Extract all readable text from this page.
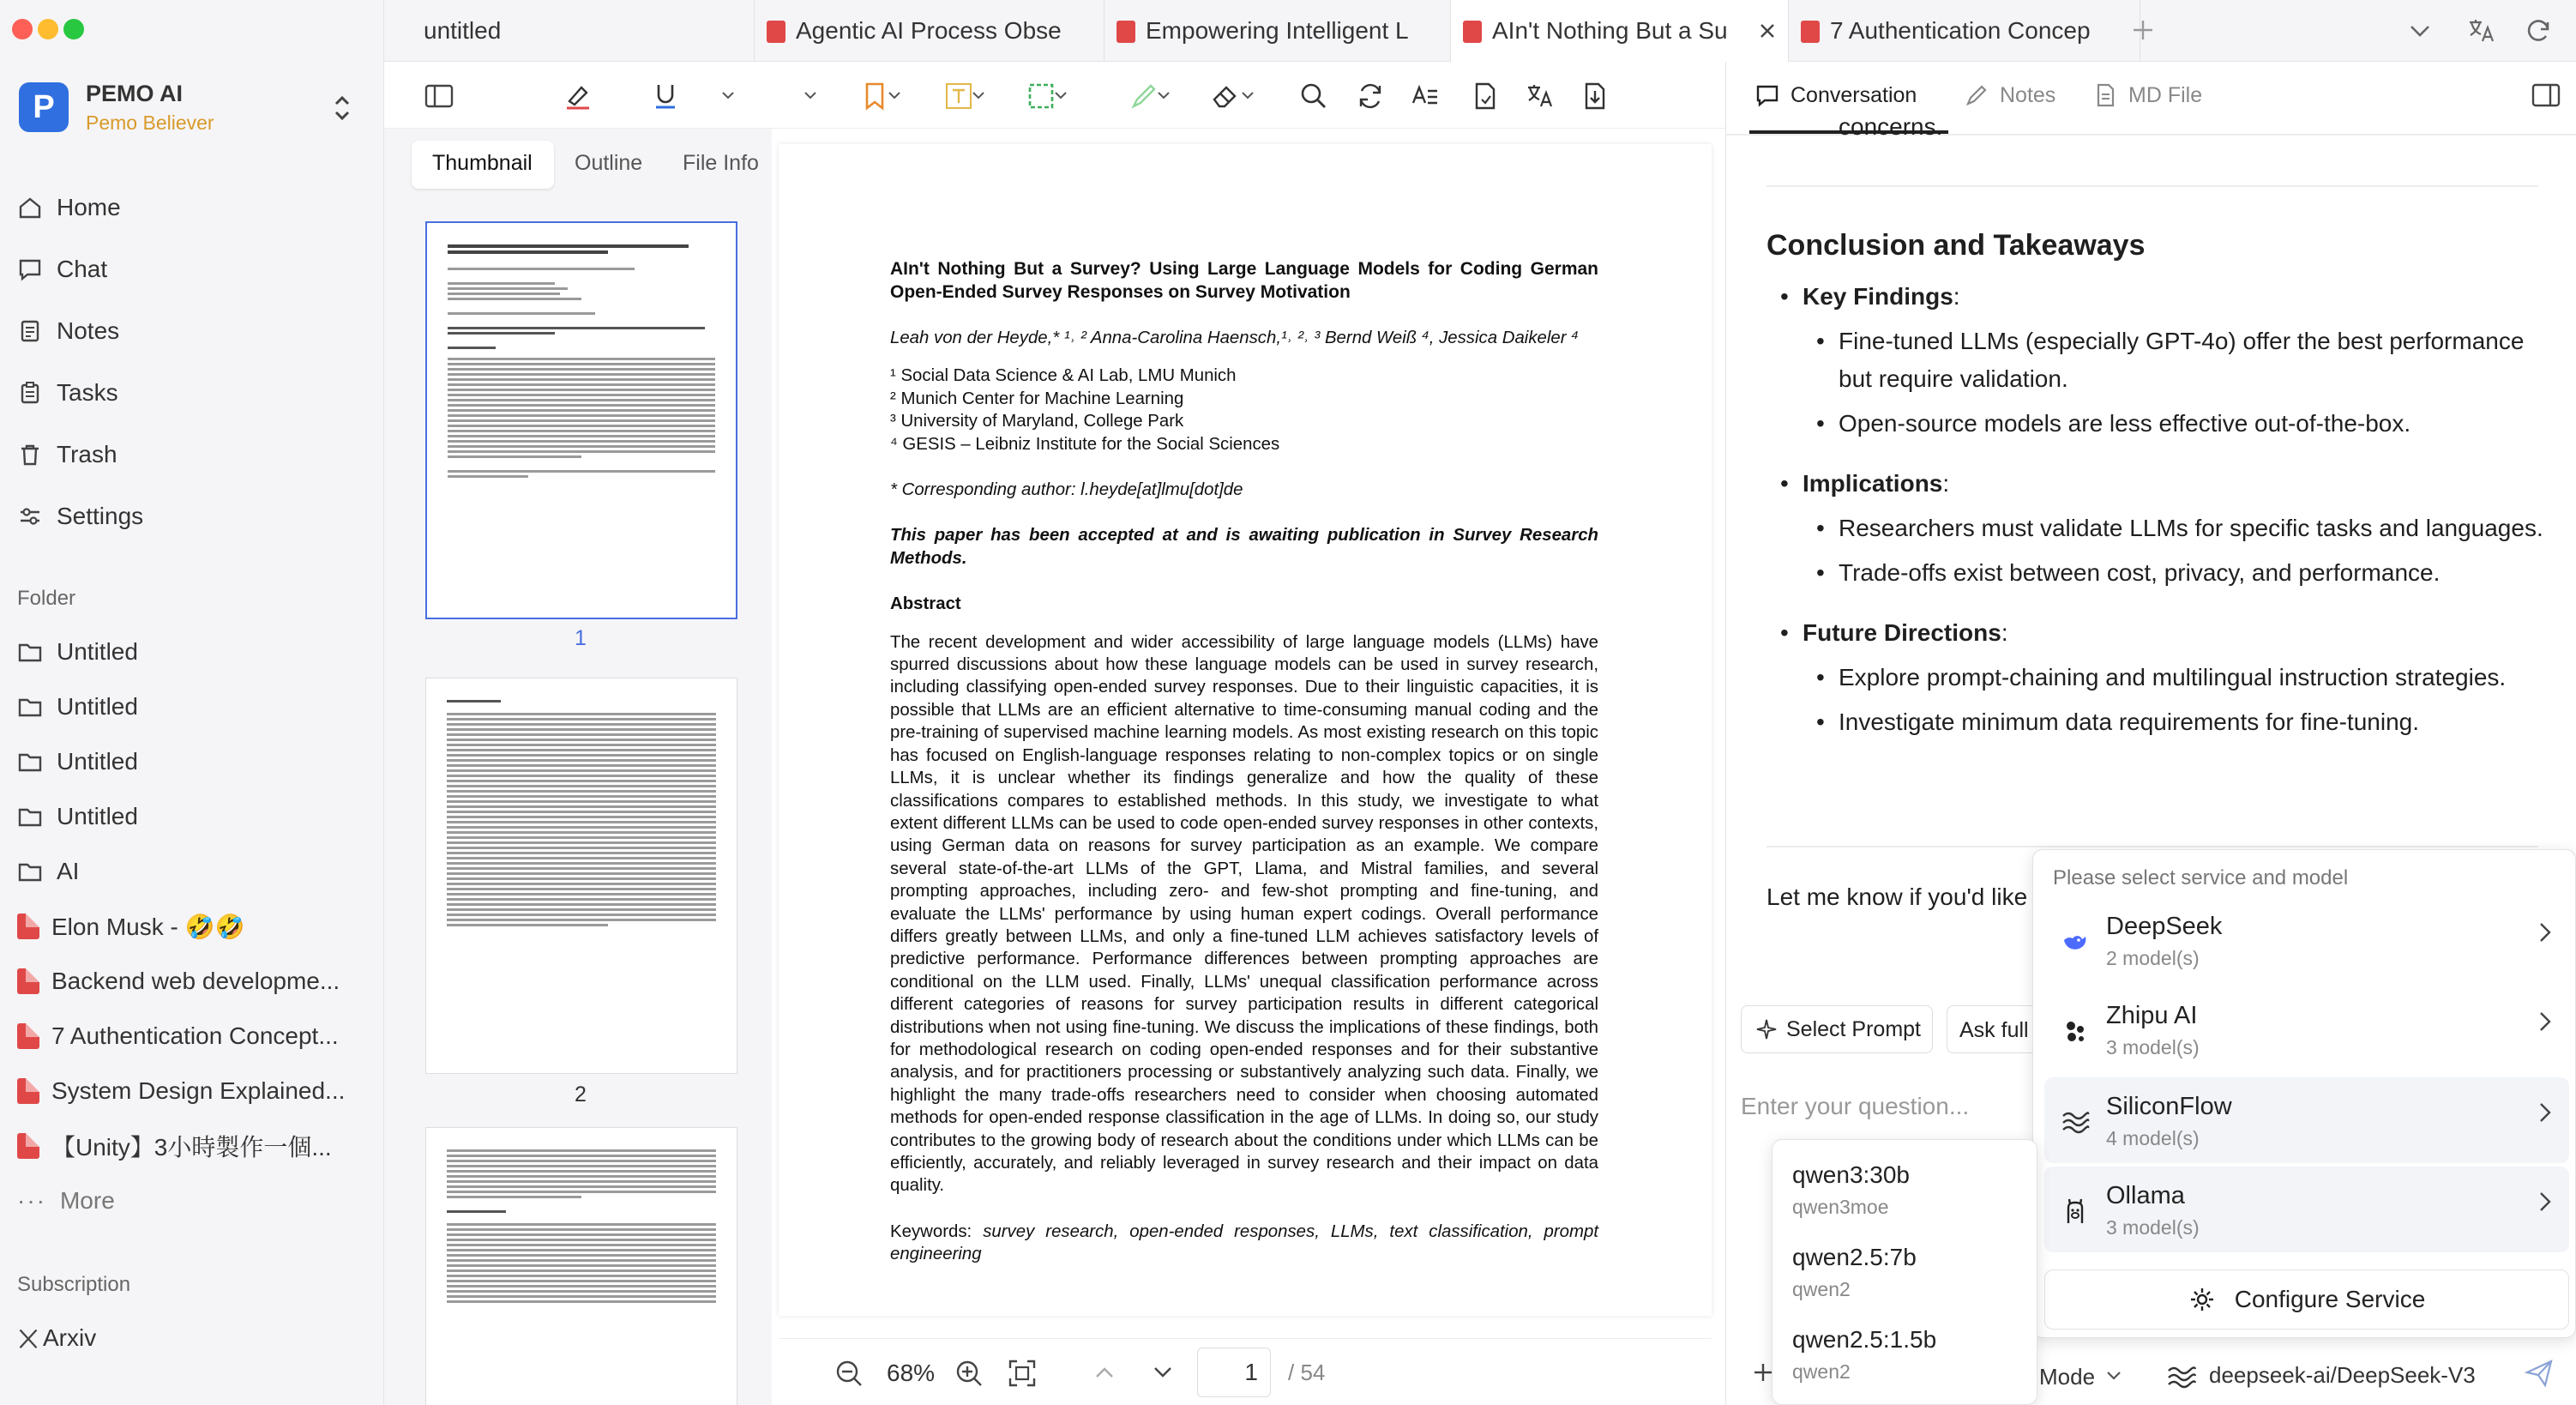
P	PEMO AI
Pemo Believer
Home
Chat
Notes
Tasks
Trash
Settings
Folder
Untitled
Untitled
Untitled
Untitled
AI
Elon Musk - 🤣🤣
Backend web developme...
7 Authentication Concept...
System Design Explained...
【Unity】3小時製作一個...
··· More
Subscription
Arxiv
untitled	Agentic AI Process Obse	Empowering Intelligent L	AIn't Nothing But a Su	7 Authentication Concep
Thumbnail Outline File Info
1
2

AIn't Nothing But a Survey? Using Large Language Models for Coding German Open-Ended Survey Responses on Survey Motivation

Leah von der Heyde,* ¹˒ ² Anna-Carolina Haensch,¹˒ ²˒ ³ Bernd Weiß ⁴, Jessica Daikeler ⁴

¹ Social Data Science & AI Lab, LMU Munich
² Munich Center for Machine Learning
³ University of Maryland, College Park
⁴ GESIS – Leibniz Institute for the Social Sciences

* Corresponding author: l.heyde[at]lmu[dot]de

This paper has been accepted at and is awaiting publication in Survey Research Methods.

Abstract

The recent development and wider accessibility of large language models (LLMs) have spurred discussions about how these language models can be used in survey research, including classifying open-ended survey responses. Due to their linguistic capacities, it is possible that LLMs are an efficient alternative to time-consuming manual coding and the pre-training of supervised machine learning models. As most existing research on this topic has focused on English-language responses relating to non-complex topics or on single LLMs, it is unclear whether its findings generalize and how the quality of these classifications compares to established methods. In this study, we investigate to what extent different LLMs can be used to code open-ended survey responses in other contexts, using German data on reasons for survey participation as an example. We compare several state-of-the-art LLMs of the GPT, Llama, and Mistral families, and several prompting approaches, including zero- and few-shot prompting and fine-tuning, and evaluate the LLMs' performance by using human expert codings. Overall performance differs greatly between LLMs, and only a fine-tuned LLM achieves satisfactory levels of predictive performance. Performance differences between prompting approaches are conditional on the LLM used. Finally, LLMs' unequal classification performance across different categories of reasons for survey participation results in different categorical distributions when not using fine-tuning. We discuss the implications of these findings, both for methodological research on coding open-ended responses and for their substantive analysis, and for practitioners processing or substantively analyzing such data. Finally, we highlight the many trade-offs researchers need to consider when choosing automated methods for open-ended response classification in the age of LLMs. In doing so, our study contributes to the growing body of research about the conditions under which LLMs can be efficiently, accurately, and reliably leveraged in survey research and their impact on data quality.

Keywords: survey research, open-ended responses, LLMs, text classification, prompt engineering

68%	1	/ 54
Conversation	Notes	MD File
concerns.
Conclusion and Takeaways
• Key Findings:
• Fine-tuned LLMs (especially GPT-4o) offer the best performance but require validation.
• Open-source models are less effective out-of-the-box.
• Implications:
• Researchers must validate LLMs for specific tasks and languages.
• Trade-offs exist between cost, privacy, and performance.
• Future Directions:
• Explore prompt-chaining and multilingual instruction strategies.
• Investigate minimum data requirements for fine-tuning.
Let me know if you'd like
Select Prompt	Ask full
Enter your question...
Mode	deepseek-ai/DeepSeek-V3
Please select service and model
DeepSeek
2 model(s)
Zhipu AI
3 model(s)
SiliconFlow
4 model(s)
Ollama
3 model(s)
Configure Service
qwen3:30b
qwen3moe
qwen2.5:7b
qwen2
qwen2.5:1.5b
qwen2
